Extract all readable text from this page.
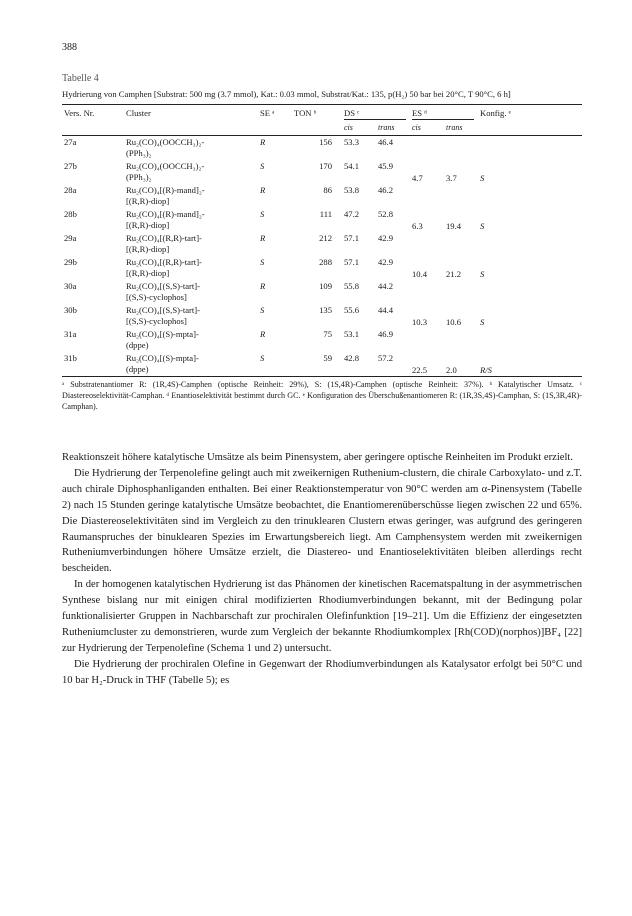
388
Tabelle 4
Hydrierung von Camphen [Substrat: 500 mg (3.7 mmol), Kat.: 0.03 mmol, Substrat/Kat.: 135, p(H₂) 50 bar bei 20°C, T 90°C, 6 h]
Vers. Nr.	Cluster	SE ᵃ	TON ᵇ	DS ᶜ		ES ᵈ		Konfig. ᵉ
				cis	trans	cis	trans	
27a	Ru₂(CO)₄(OOCCH₃)₂-
(PPh₃)₂	R	156	53.3	46.4			
27b	Ru₂(CO)₄(OOCCH₃)₂-
(PPh₃)₂	S	170	54.1	45.9	4.7	3.7	S
28a	Ru₂(CO)₄[(R)-mand]₂-
[(R,R)-diop]	R	86	53.8	46.2			
28b	Ru₂(CO)₄[(R)-mand]₂-
[(R,R)-diop]	S	111	47.2	52.8	6.3	19.4	S
29a	Ru₂(CO)₄[(R,R)-tart]-
[(R,R)-diop]	R	212	57.1	42.9			
29b	Ru₂(CO)₄[(R,R)-tart]-
[(R,R)-diop]	S	288	57.1	42.9	10.4	21.2	S
30a	Ru₂(CO)₄[(S,S)-tart]-
[(S,S)-cyclophos]	R	109	55.8	44.2			
30b	Ru₂(CO)₄[(S,S)-tart]-
[(S,S)-cyclophos]	S	135	55.6	44.4	10.3	10.6	S
31a	Ru₂(CO)₄[(S)-mpta]-
(dppe)	R	75	53.1	46.9			
31b	Ru₂(CO)₄[(S)-mpta]-
(dppe)	S	59	42.8	57.2	22.5	2.0	R/S
ᵃ Substratenantiomer R: (1R,4S)-Camphen (optische Reinheit: 29%), S: (1S,4R)-Camphen (optische Reinheit: 37%). ᵇ Katalytischer Umsatz. ᶜ Diastereoselektivität-Camphan. ᵈ Enantioselektivität bestimmt durch GC. ᵉ Konfiguration des Überschußenantiomeren R: (1R,3S,4S)-Camphan, S: (1S,3R,4R)-Camphan).

Reaktionszeit höhere katalytische Umsätze als beim Pinensystem, aber geringere optische Reinheiten im Produkt erzielt.

Die Hydrierung der Terpenolefine gelingt auch mit zweikernigen Ruthenium-clustern, die chirale Carboxylato- und z.T. auch chirale Diphosphanliganden enthalten. Bei einer Reaktionstemperatur von 90°C werden am α-Pinensystem (Tabelle 2) nach 15 Stunden geringe katalytische Umsätze beobachtet, die Enantiomerenüberschüsse liegen zwischen 22 und 65%. Die Diastereoselektivitäten sind im Vergleich zu den trinuklearen Clustern etwas geringer, was aufgrund des geringeren Raumanspruches der binuklearen Spezies im Erwartungsbereich liegt. Am Camphensystem werden mit zweikernigen Rutheniumverbindungen höhere Umsätze erzielt, die Diastereo- und Enantioselektivitäten bleiben allerdings recht bescheiden.

In der homogenen katalytischen Hydrierung ist das Phänomen der kinetischen Racematspaltung in der asymmetrischen Synthese bislang nur mit einigen chiral modifizierten Rhodiumverbindungen bekannt, mit der Bedingung polar funktionalisierter Gruppen in Nachbarschaft zur prochiralen Olefinfunktion [19–21]. Um die Effizienz der eingesetzten Rutheniumcluster zu demonstrieren, wurde zum Vergleich der bekannte Rhodiumkomplex [Rh(COD)(norphos)]BF₄ [22] zur Hydrierung der Terpenolefine (Schema 1 und 2) untersucht.

Die Hydrierung der prochiralen Olefine in Gegenwart der Rhodiumverbindungen als Katalysator erfolgt bei 50°C und 10 bar H₂-Druck in THF (Tabelle 5); es
